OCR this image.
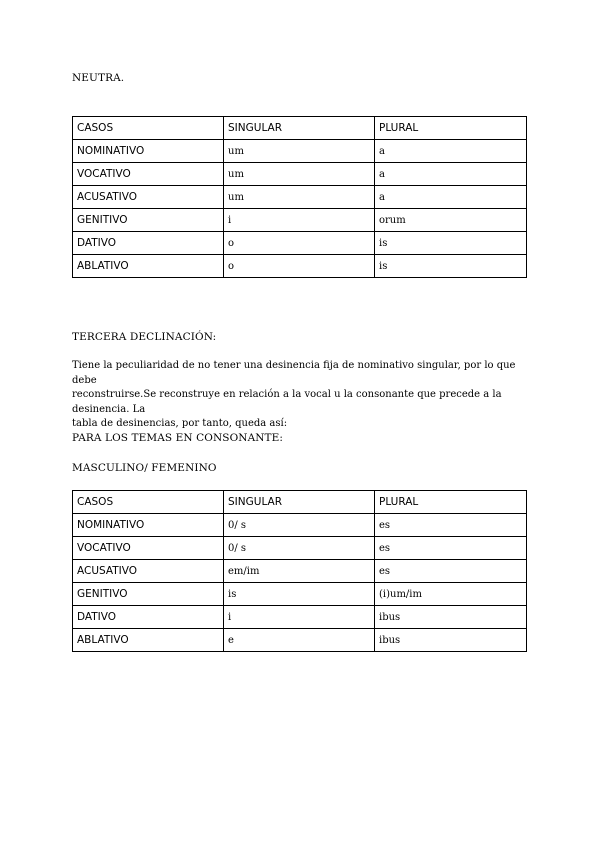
NEUTRA.
CASOS	SINGULAR	PLURAL
NOMINATIVO	um	a
VOCATIVO	um	a
ACUSATIVO	um	a
GENITIVO	i	orum
DATIVO	o	is
ABLATIVO	o	is
TERCERA DECLINACIÓN:
Tiene la peculiaridad de no tener una desinencia fija de nominativo singular, por lo que debe
reconstruirse.Se reconstruye en relación a la vocal u la consonante que precede a la desinencia. La
tabla de desinencias, por tanto, queda así:
PARA LOS TEMAS EN CONSONANTE:
MASCULINO/ FEMENINO
CASOS	SINGULAR	PLURAL
NOMINATIVO	0/ s	es
VOCATIVO	0/ s	es
ACUSATIVO	em/im	es
GENITIVO	is	(i)um/im
DATIVO	i	ibus
ABLATIVO	e	ibus
